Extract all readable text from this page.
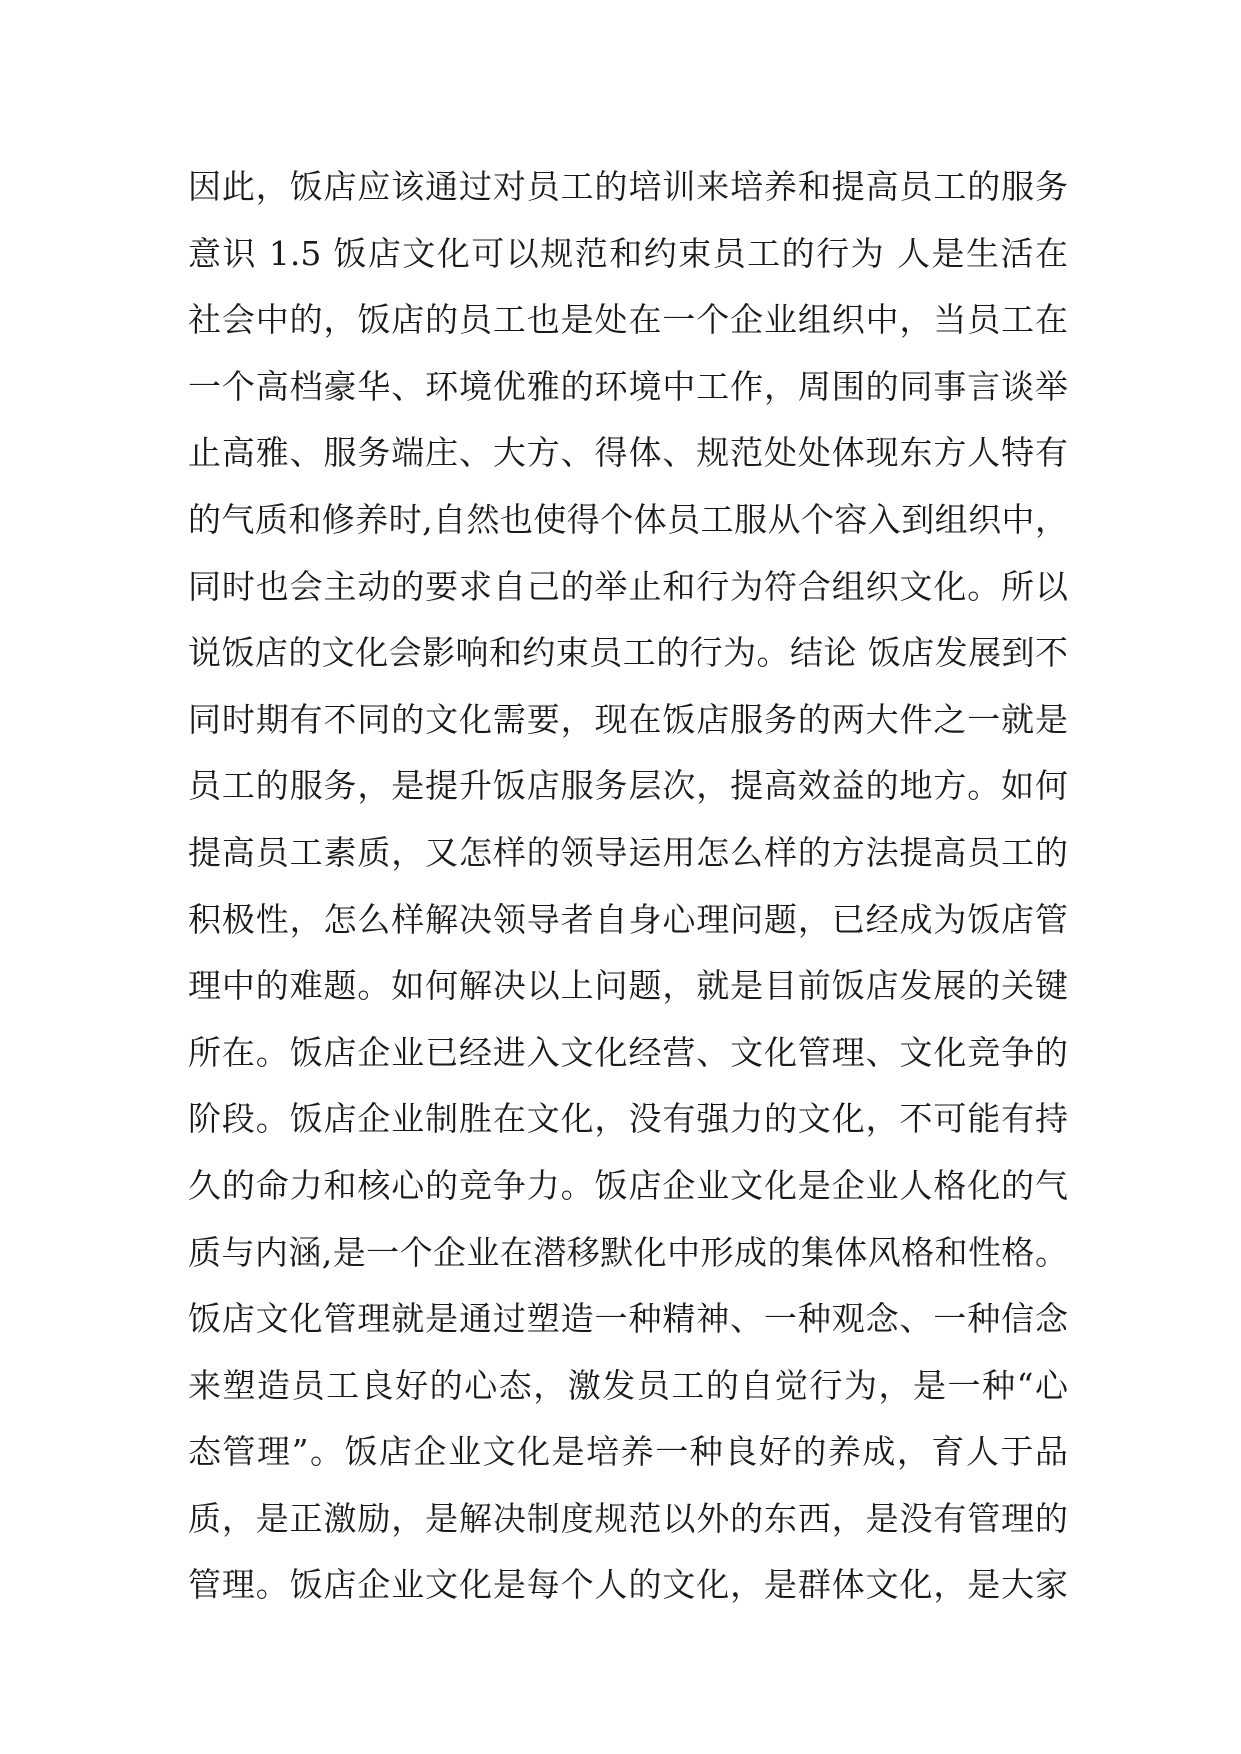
因此，饭店应该通过对员工的培训来培养和提高员工的服务
意识 1.5 饭店文化可以规范和约束员工的行为 人是生活在
社会中的，饭店的员工也是处在一个企业组织中，当员工在
一个高档豪华、环境优雅的环境中工作，周围的同事言谈举
止高雅、服务端庄、大方、得体、规范处处体现东方人特有
的气质和修养时,自然也使得个体员工服从个容入到组织中，
同时也会主动的要求自己的举止和行为符合组织文化。所以
说饭店的文化会影响和约束员工的行为。结论 饭店发展到不
同时期有不同的文化需要，现在饭店服务的两大件之一就是
员工的服务，是提升饭店服务层次，提高效益的地方。如何
提高员工素质，又怎样的领导运用怎么样的方法提高员工的
积极性，怎么样解决领导者自身心理问题，已经成为饭店管
理中的难题。如何解决以上问题，就是目前饭店发展的关键
所在。饭店企业已经进入文化经营、文化管理、文化竞争的
阶段。饭店企业制胜在文化，没有强力的文化，不可能有持
久的命力和核心的竞争力。饭店企业文化是企业人格化的气
质与内涵,是一个企业在潜移默化中形成的集体风格和性格。
饭店文化管理就是通过塑造一种精神、一种观念、一种信念
来塑造员工良好的心态，激发员工的自觉行为，是一种“心
态管理”。饭店企业文化是培养一种良好的养成，育人于品
质，是正激励，是解决制度规范以外的东西，是没有管理的
管理。饭店企业文化是每个人的文化，是群体文化，是大家
